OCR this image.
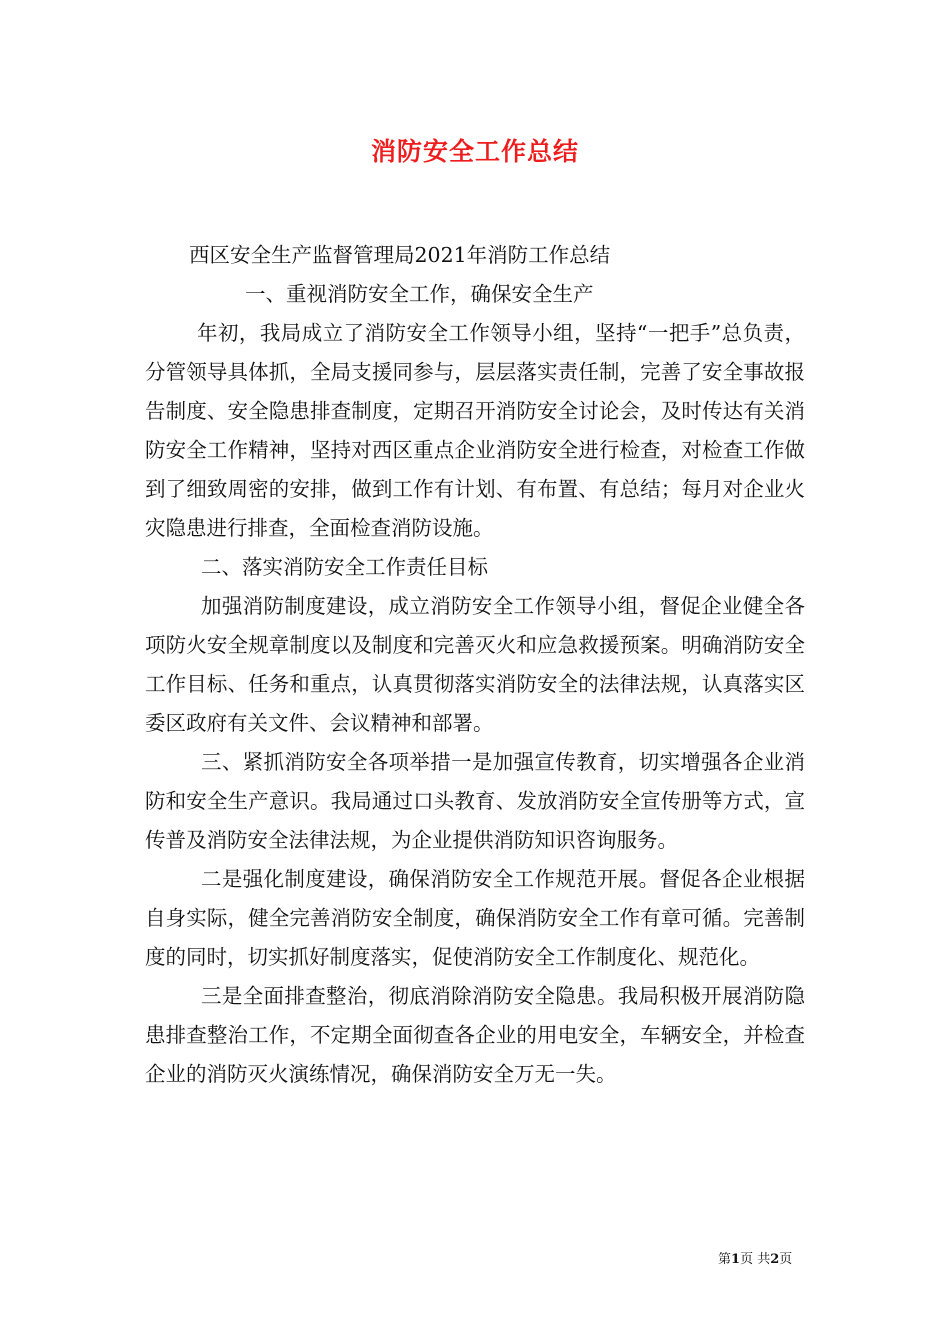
消防安全工作总结

西区安全生产监督管理局2021年消防工作总结

一、重视消防安全工作，确保安全生产

年初，我局成立了消防安全工作领导小组，坚持“一把手”总负责，分管领导具体抓，全局支援同参与，层层落实责任制，完善了安全事故报告制度、安全隐患排查制度，定期召开消防安全讨论会，及时传达有关消防安全工作精神，坚持对西区重点企业消防安全进行检查，对检查工作做到了细致周密的安排，做到工作有计划、有布置、有总结；每月对企业火灾隐患进行排查，全面检查消防设施。

二、落实消防安全工作责任目标

加强消防制度建设，成立消防安全工作领导小组，督促企业健全各项防火安全规章制度以及制度和完善灭火和应急救援预案。明确消防安全工作目标、任务和重点，认真贯彻落实消防安全的法律法规，认真落实区委区政府有关文件、会议精神和部署。

三、紧抓消防安全各项举措一是加强宣传教育，切实增强各企业消防和安全生产意识。我局通过口头教育、发放消防安全宣传册等方式，宣传普及消防安全法律法规，为企业提供消防知识咨询服务。

二是强化制度建设，确保消防安全工作规范开展。督促各企业根据自身实际，健全完善消防安全制度，确保消防安全工作有章可循。完善制度的同时，切实抓好制度落实，促使消防安全工作制度化、规范化。

三是全面排查整治，彻底消除消防安全隐患。我局积极开展消防隐患排查整治工作，不定期全面彻查各企业的用电安全，车辆安全，并检查企业的消防灭火演练情况，确保消防安全万无一失。

第1页 共2页
